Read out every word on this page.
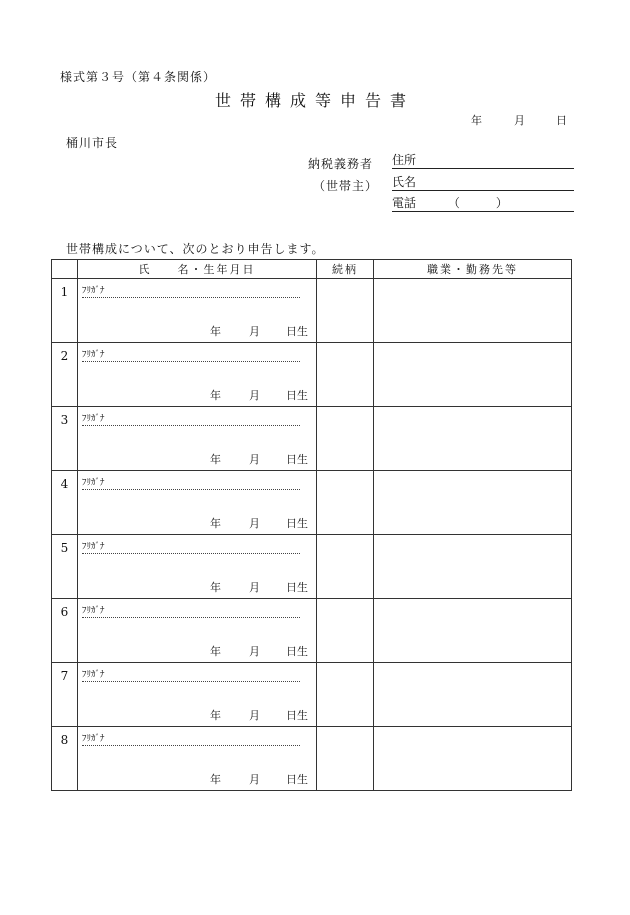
様式第３号（第４条関係）
世帯構成等申告書
年	月	日
桶川市長
納税義務者
（世帯主）
住所
氏名
電話	（　　　）
世帯構成について、次のとおり申告します。
	氏　　名・生年月日	続柄	職業・勤務先等

1	ﾌﾘｶﾞﾅ
年 月 日生		

2	ﾌﾘｶﾞﾅ
年 月 日生		

3	ﾌﾘｶﾞﾅ
年 月 日生		

4	ﾌﾘｶﾞﾅ
年 月 日生		

5	ﾌﾘｶﾞﾅ
年 月 日生		

6	ﾌﾘｶﾞﾅ
年 月 日生		

7	ﾌﾘｶﾞﾅ
年 月 日生		

8	ﾌﾘｶﾞﾅ
年 月 日生		
